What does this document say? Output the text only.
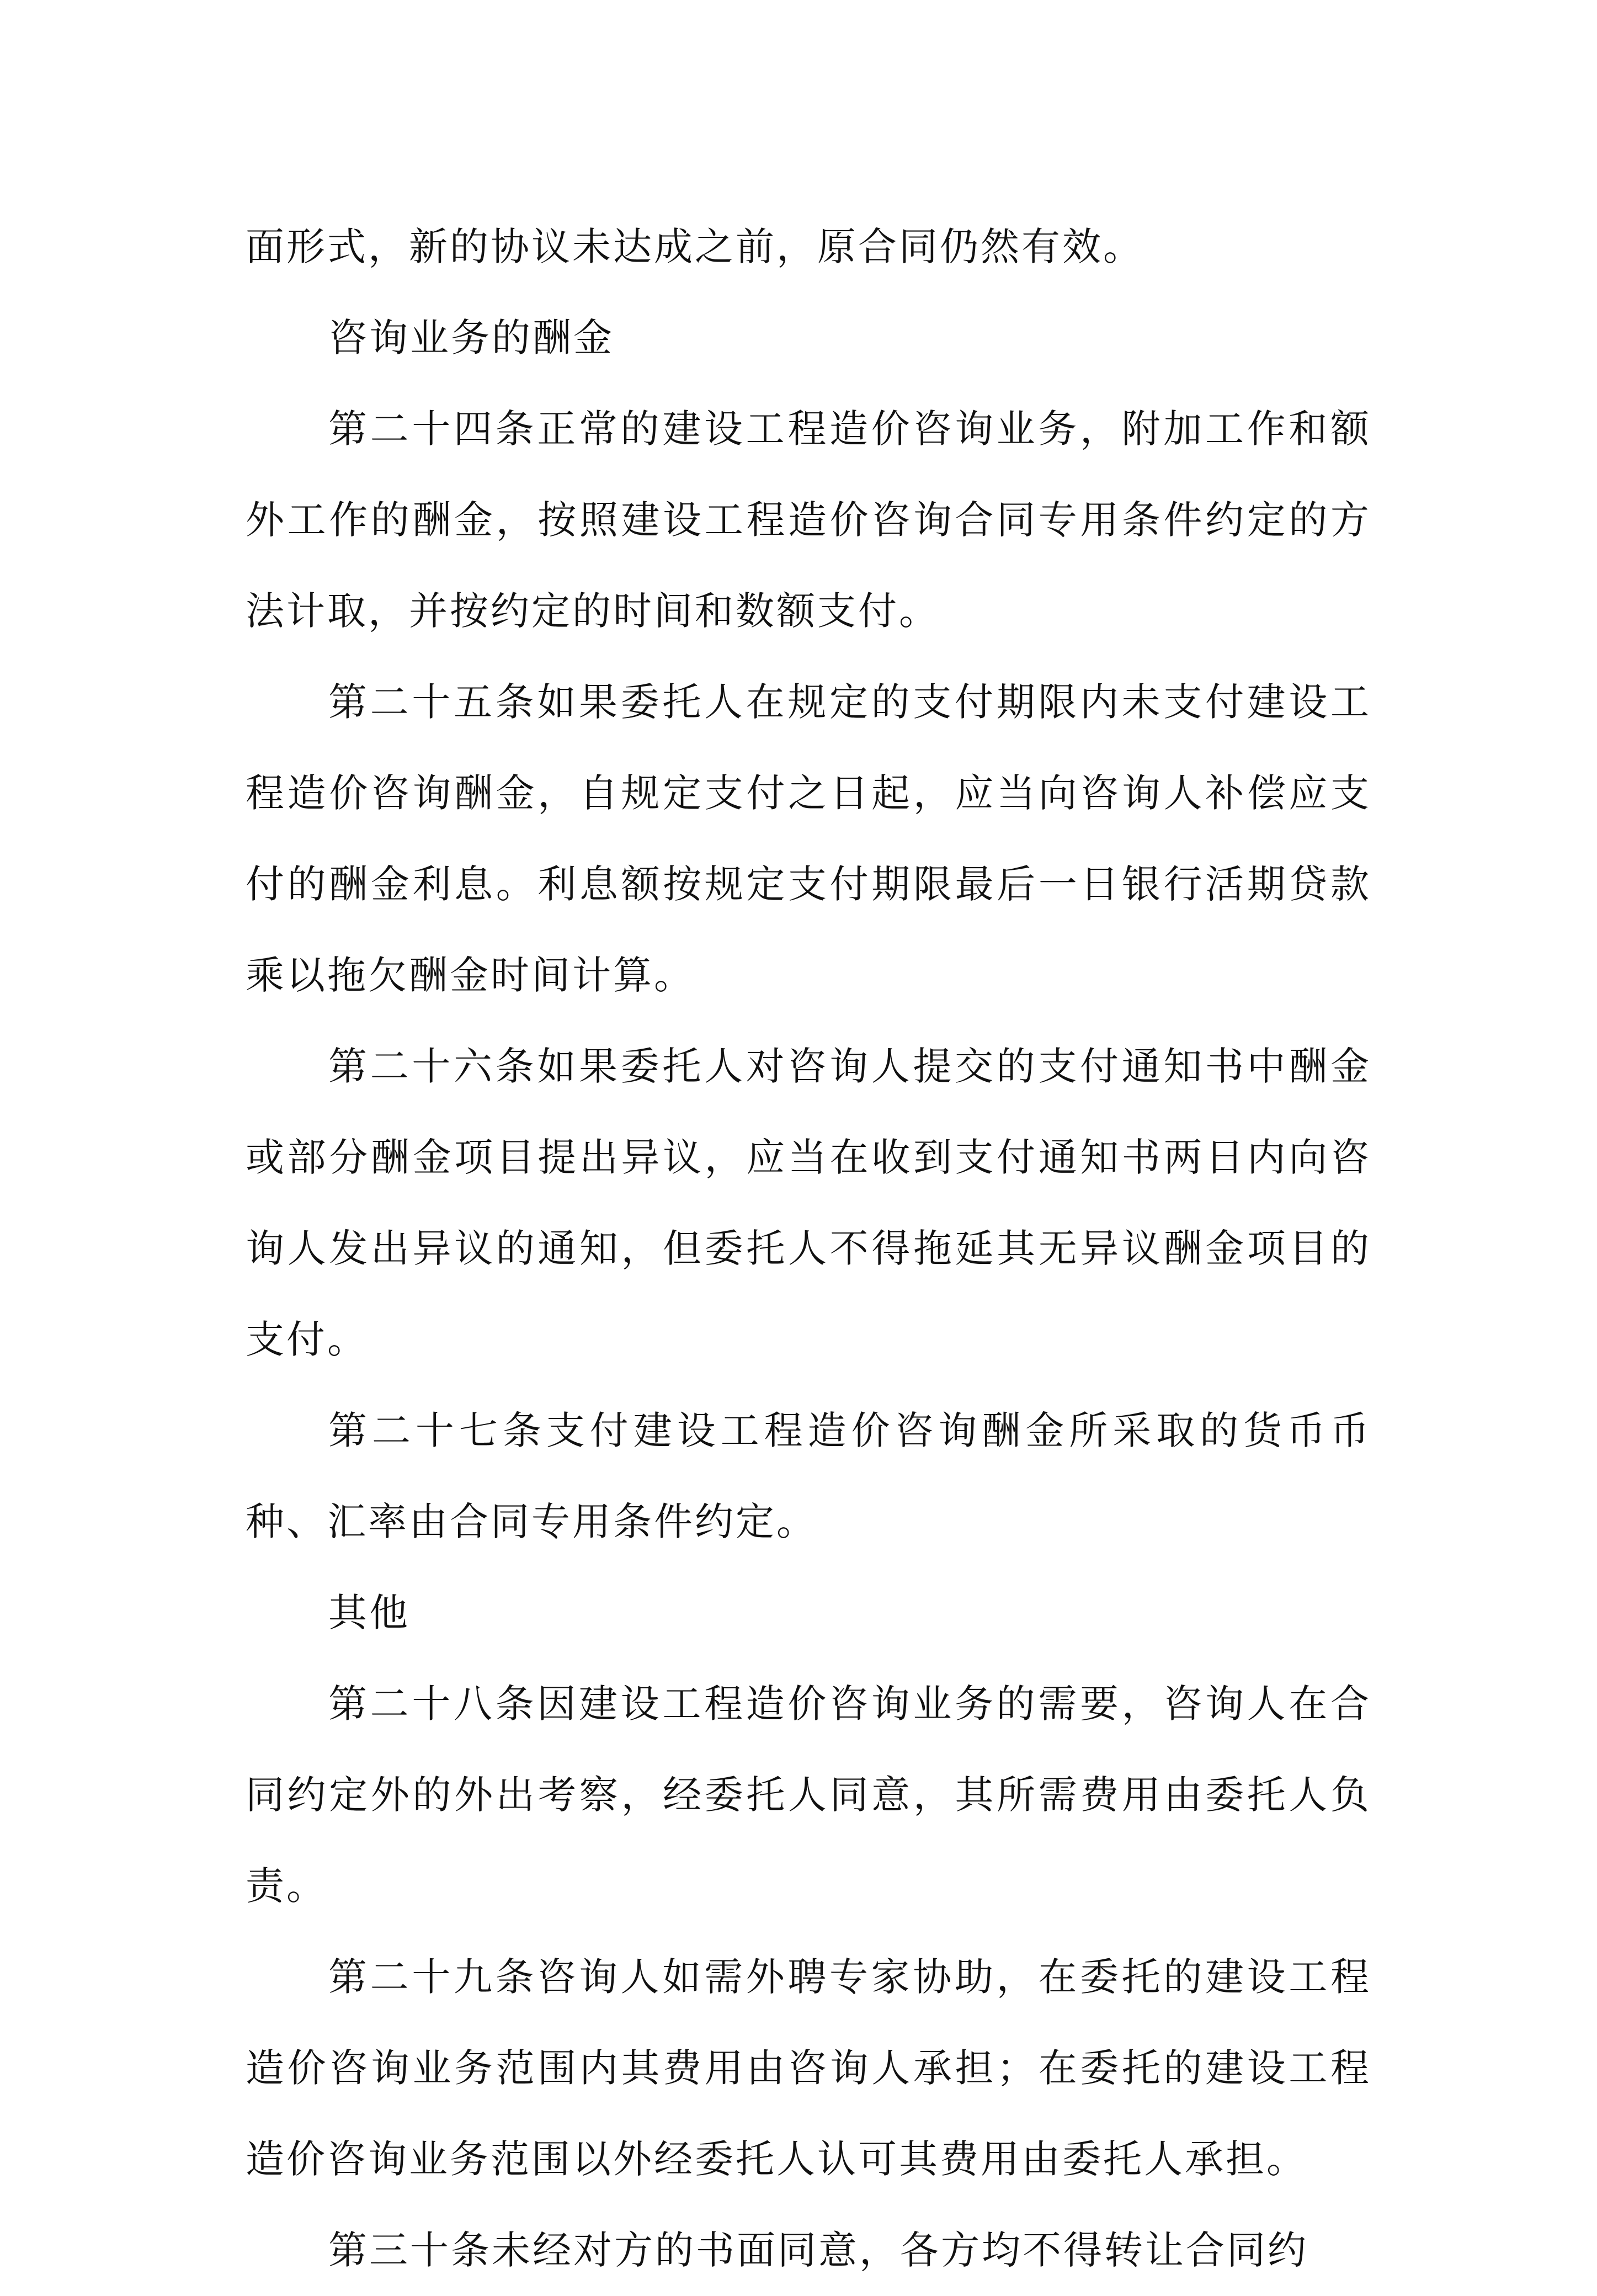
面形式，新的协议未达成之前，原合同仍然有效。

咨询业务的酬金

第二十四条正常的建设工程造价咨询业务，附加工作和额外工作的酬金，按照建设工程造价咨询合同专用条件约定的方法计取，并按约定的时间和数额支付。

第二十五条如果委托人在规定的支付期限内未支付建设工程造价咨询酬金，自规定支付之日起，应当向咨询人补偿应支付的酬金利息。利息额按规定支付期限最后一日银行活期贷款乘以拖欠酬金时间计算。

第二十六条如果委托人对咨询人提交的支付通知书中酬金或部分酬金项目提出异议，应当在收到支付通知书两日内向咨询人发出异议的通知，但委托人不得拖延其无异议酬金项目的支付。

第二十七条支付建设工程造价咨询酬金所采取的货币币种、汇率由合同专用条件约定。

其他

第二十八条因建设工程造价咨询业务的需要，咨询人在合同约定外的外出考察，经委托人同意，其所需费用由委托人负责。

第二十九条咨询人如需外聘专家协助，在委托的建设工程造价咨询业务范围内其费用由咨询人承担；在委托的建设工程造价咨询业务范围以外经委托人认可其费用由委托人承担。

第三十条未经对方的书面同意，各方均不得转让合同约
